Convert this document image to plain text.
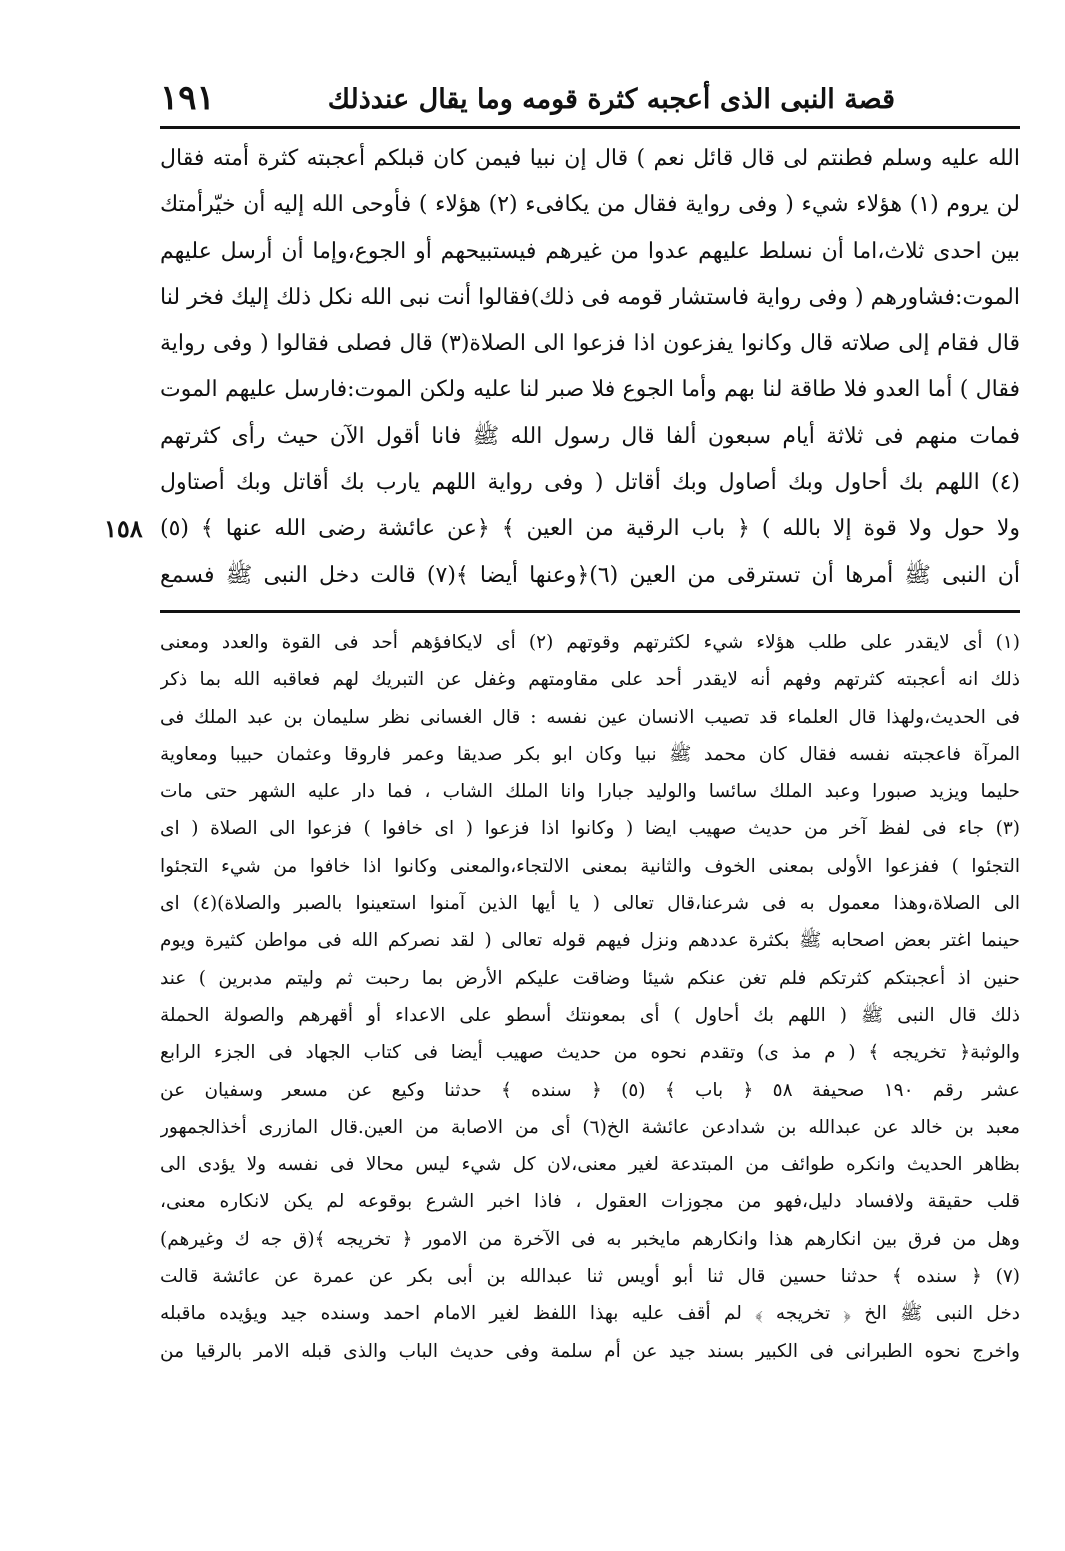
قصة النبى الذى أعجبه كثرة قومه وما يقال عندذلك
١٩١
الله عليه وسلم فطنتم لى قال قائل نعم ) قال إن نبيا فيمن كان قبلكم أعجبته كثرة أمته فقال
لن يروم (١) هؤلاء شيء ( وفى رواية فقال من يكافىء (٢) هؤلاء ) فأوحى الله إليه أن خيّرأمتك
بين احدى ثلاث،اما أن نسلط عليهم عدوا من غيرهم فيستبيحهم أو الجوع،وإما أن أرسل عليهم
الموت:فشاورهم ( وفى رواية فاستشار قومه فى ذلك)فقالوا أنت نبى الله نكل ذلك إليك فخر لنا
قال فقام إلى صلاته قال وكانوا يفزعون اذا فزعوا الى الصلاة(٣) قال فصلى فقالوا ( وفى رواية
فقال ) أما العدو فلا طاقة لنا بهم وأما الجوع فلا صبر لنا عليه ولكن الموت:فارسل عليهم الموت
فمات منهم فى ثلاثة أيام سبعون ألفا قال رسول الله ﷺ فانا أقول الآن حيث رأى كثرتهم
(٤) اللهم بك أحاول وبك أصاول وبك أقاتل ( وفى رواية اللهم يارب بك أقاتل وبك أصتاول
ولا حول ولا قوة إلا بالله ) ﴿ باب الرقية من العين ﴾ ﴿عن عائشة رضى الله عنها ﴾ (٥)
أن النبى ﷺ أمرها أن تسترقى من العين (٦)﴿وعنها أيضا ﴾(٧) قالت دخل النبى ﷺ فسمع
١٥٨
(١) أى لايقدر على طلب هؤلاء شيء لكثرتهم وقوتهم (٢) أى لايكافؤهم أحد فى القوة والعدد ومعنى
ذلك انه أعجبته كثرتهم وفهم أنه لايقدر أحد على مقاومتهم وغفل عن التبريك لهم فعاقبه الله بما ذكر
فى الحديث،ولهذا قال العلماء قد تصيب الانسان عين نفسه : قال الغسانى نظر سليمان بن عبد الملك فى
المرآة فاعجبته نفسه فقال كان محمد ﷺ نبيا وكان ابو بكر صديقا وعمر فاروقا وعثمان حبيبا ومعاوية
حليما ويزيد صبورا وعبد الملك سائسا والوليد جبارا وانا الملك الشاب ، فما دار عليه الشهر حتى مات
(٣) جاء فى لفظ آخر من حديث صهيب ايضا ( وكانوا اذا فزعوا ( اى خافوا ) فزعوا الى الصلاة ( اى
التجئوا ) ففزعوا الأولى بمعنى الخوف والثانية بمعنى الالتجاء،والمعنى وكانوا اذا خافوا من شيء التجئوا
الى الصلاة،وهذا معمول به فى شرعنا،قال تعالى ( يا أيها الذين آمنوا استعينوا بالصبر والصلاة)(٤) اى
حينما اغتر بعض اصحابه ﷺ بكثرة عددهم ونزل فيهم قوله تعالى ( لقد نصركم الله فى مواطن كثيرة ويوم
حنين اذ أعجبتكم كثرتكم فلم تغن عنكم شيئا وضاقت عليكم الأرض بما رحبت ثم وليتم مدبرين ) عند
ذلك قال النبى ﷺ ( اللهم بك أحاول ) أى بمعونتك أسطو على الاعداء أو أقهرهم والصولة الحملة
والوثبة﴿ تخريجه ﴾ ( م مذ ى) وتقدم نحوه من حديث صهيب أيضا فى كتاب الجهاد فى الجزء الرابع
عشر رقم ١٩٠ صحيفة ٥٨ ﴿ باب ﴾ (٥) ﴿ سنده ﴾ حدثنا وكيع عن مسعر وسفيان عن
معبد بن خالد عن عبدالله بن شدادعن عائشة الخ(٦) أى من الاصابة من العين.قال المازرى أخذالجمهور
بظاهر الحديث وانكره طوائف من المبتدعة لغير معنى،لان كل شيء ليس محالا فى نفسه ولا يؤدى الى
قلب حقيقة ولافساد دليل،فهو من مجوزات العقول ، فاذا اخبر الشرع بوقوعه لم يكن لانكاره معنى،
وهل من فرق بين انكارهم هذا وانكارهم مايخبر به فى الآخرة من الامور ﴿ تخريجه ﴾(ق جه ك وغيرهم)
(٧) ﴿ سنده ﴾ حدثنا حسين قال ثنا أبو أويس ثنا عبدالله بن أبى بكر عن عمرة عن عائشة قالت
دخل النبى ﷺ الخ ﴿ تخريجه ﴾ لم أقف عليه بهذا اللفظ لغير الامام احمد وسنده جيد ويؤيده ماقبله
واخرج نحوه الطبرانى فى الكبير بسند جيد عن أم سلمة وفى حديث الباب والذى قبله الامر بالرقيا من
